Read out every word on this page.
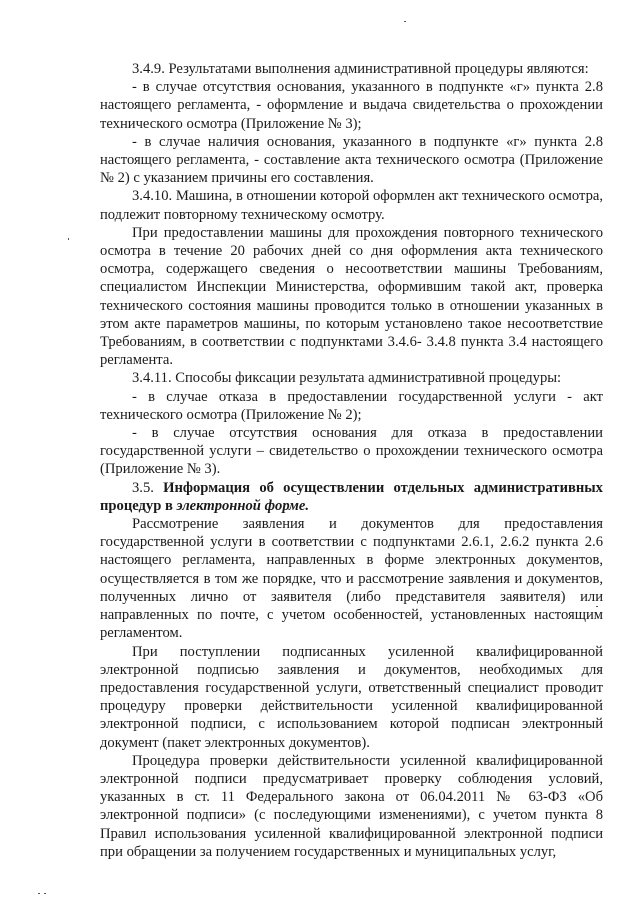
3.4.9. Результатами выполнения административной процедуры являются:

- в случае отсутствия основания, указанного в подпункте «г» пункта 2.8 настоящего регламента, - оформление и выдача свидетельства о прохождении технического осмотра (Приложение № 3);

- в случае наличия основания, указанного в подпункте «г» пункта 2.8 настоящего регламента, - составление акта технического осмотра (Приложение № 2) с указанием причины его составления.

3.4.10. Машина, в отношении которой оформлен акт технического осмотра, подлежит повторному техническому осмотру.

При предоставлении машины для прохождения повторного технического осмотра в течение 20 рабочих дней со дня оформления акта технического осмотра, содержащего сведения о несоответствии машины Требованиям, специалистом Инспекции Министерства, оформившим такой акт, проверка технического состояния машины проводится только в отношении указанных в этом акте параметров машины, по которым установлено такое несоответствие Требованиям, в соответствии с подпунктами 3.4.6- 3.4.8 пункта 3.4 настоящего регламента.

3.4.11. Способы фиксации результата административной процедуры:

- в случае отказа в предоставлении государственной услуги - акт технического осмотра (Приложение № 2);

- в случае отсутствия основания для отказа в предоставлении государственной услуги – свидетельство о прохождении технического осмотра (Приложение № 3).

3.5. Информация об осуществлении отдельных административных процедур в электронной форме.

Рассмотрение заявления и документов для предоставления государственной услуги в соответствии с подпунктами 2.6.1, 2.6.2 пункта 2.6 настоящего регламента, направленных в форме электронных документов, осуществляется в том же порядке, что и рассмотрение заявления и документов, полученных лично от заявителя (либо представителя заявителя) или направленных по почте, с учетом особенностей, установленных настоящим регламентом.

При поступлении подписанных усиленной квалифицированной электронной подписью заявления и документов, необходимых для предоставления государственной услуги, ответственный специалист проводит процедуру проверки действительности усиленной квалифицированной электронной подписи, с использованием которой подписан электронный документ (пакет электронных документов).

Процедура проверки действительности усиленной квалифицированной электронной подписи предусматривает проверку соблюдения условий, указанных в ст. 11 Федерального закона от 06.04.2011 № 63-ФЗ «Об электронной подписи» (с последующими изменениями), с учетом пункта 8 Правил использования усиленной квалифицированной электронной подписи при обращении за получением государственных и муниципальных услуг,
